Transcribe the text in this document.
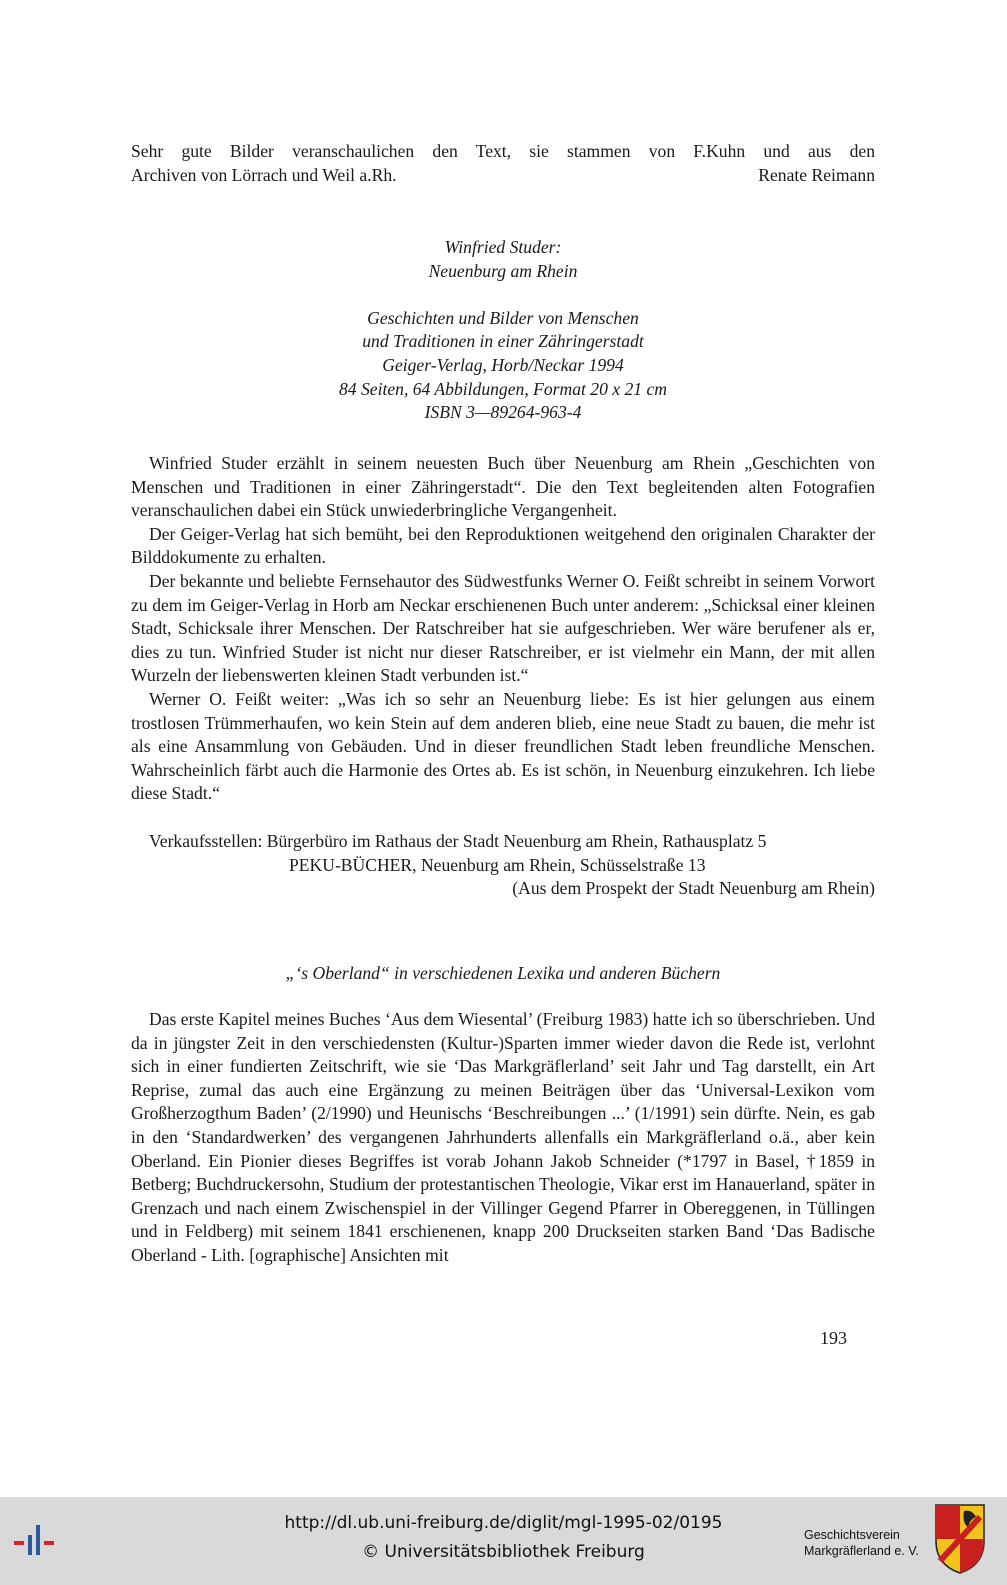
Sehr gute Bilder veranschaulichen den Text, sie stammen von F.Kuhn und aus den

Archiven von Lörrach und Weil a.Rh.	Renate Reimann
Winfried Studer:
Neuenburg am Rhein
Geschichten und Bilder von Menschen
und Traditionen in einer Zähringerstadt
Geiger-Verlag, Horb/Neckar 1994
84 Seiten, 64 Abbildungen, Format 20 x 21 cm
ISBN 3—89264-963-4

Winfried Studer erzählt in seinem neuesten Buch über Neuenburg am Rhein „Geschichten von Menschen und Traditionen in einer Zähringerstadt“. Die den Text begleitenden alten Fotografien veranschaulichen dabei ein Stück unwiederbringliche Vergangenheit.

Der Geiger-Verlag hat sich bemüht, bei den Reproduktionen weitgehend den originalen Charakter der Bilddokumente zu erhalten.

Der bekannte und beliebte Fernsehautor des Südwestfunks Werner O. Feißt schreibt in seinem Vorwort zu dem im Geiger-Verlag in Horb am Neckar erschienenen Buch unter anderem: „Schicksal einer kleinen Stadt, Schicksale ihrer Menschen. Der Ratschreiber hat sie aufgeschrieben. Wer wäre berufener als er, dies zu tun. Winfried Studer ist nicht nur dieser Ratschreiber, er ist vielmehr ein Mann, der mit allen Wurzeln der liebenswerten kleinen Stadt verbunden ist.“

Werner O. Feißt weiter: „Was ich so sehr an Neuenburg liebe: Es ist hier gelungen aus einem trostlosen Trümmerhaufen, wo kein Stein auf dem anderen blieb, eine neue Stadt zu bauen, die mehr ist als eine Ansammlung von Gebäuden. Und in dieser freundlichen Stadt leben freundliche Menschen. Wahrscheinlich färbt auch die Harmonie des Ortes ab. Es ist schön, in Neuenburg einzukehren. Ich liebe diese Stadt.“

Verkaufsstellen: Bürgerbüro im Rathaus der Stadt Neuenburg am Rhein, Rathausplatz 5
PEKU-BÜCHER, Neuenburg am Rhein, Schüsselstraße 13
(Aus dem Prospekt der Stadt Neuenburg am Rhein)
„‘s Oberland“ in verschiedenen Lexika und anderen Büchern

Das erste Kapitel meines Buches ‘Aus dem Wiesental’ (Freiburg 1983) hatte ich so überschrieben. Und da in jüngster Zeit in den verschiedensten (Kultur-)Sparten immer wieder davon die Rede ist, verlohnt sich in einer fundierten Zeitschrift, wie sie ‘Das Markgräflerland’ seit Jahr und Tag darstellt, ein Art Reprise, zumal das auch eine Ergänzung zu meinen Beiträgen über das ‘Universal-Lexikon vom Großherzogthum Baden’ (2/1990) und Heunischs ‘Beschreibungen ...’ (1/1991) sein dürfte. Nein, es gab in den ‘Standardwerken’ des vergangenen Jahrhunderts allenfalls ein Markgräflerland o.ä., aber kein Oberland. Ein Pionier dieses Begriffes ist vorab Johann Jakob Schneider (*1797 in Basel, †1859 in Betberg; Buchdruckersohn, Studium der protestantischen Theologie, Vikar erst im Hanauerland, später in Grenzach und nach einem Zwischenspiel in der Villinger Gegend Pfarrer in Obereggenen, in Tüllingen und in Feldberg) mit seinem 1841 erschienenen, knapp 200 Druckseiten starken Band ‘Das Badische Oberland - Lith. [ographische] Ansichten mit

193
http://dl.ub.uni-freiburg.de/diglit/mgl-1995-02/0195
© Universitätsbibliothek Freiburg
Geschichtsverein
Markgräflerland e. V.
